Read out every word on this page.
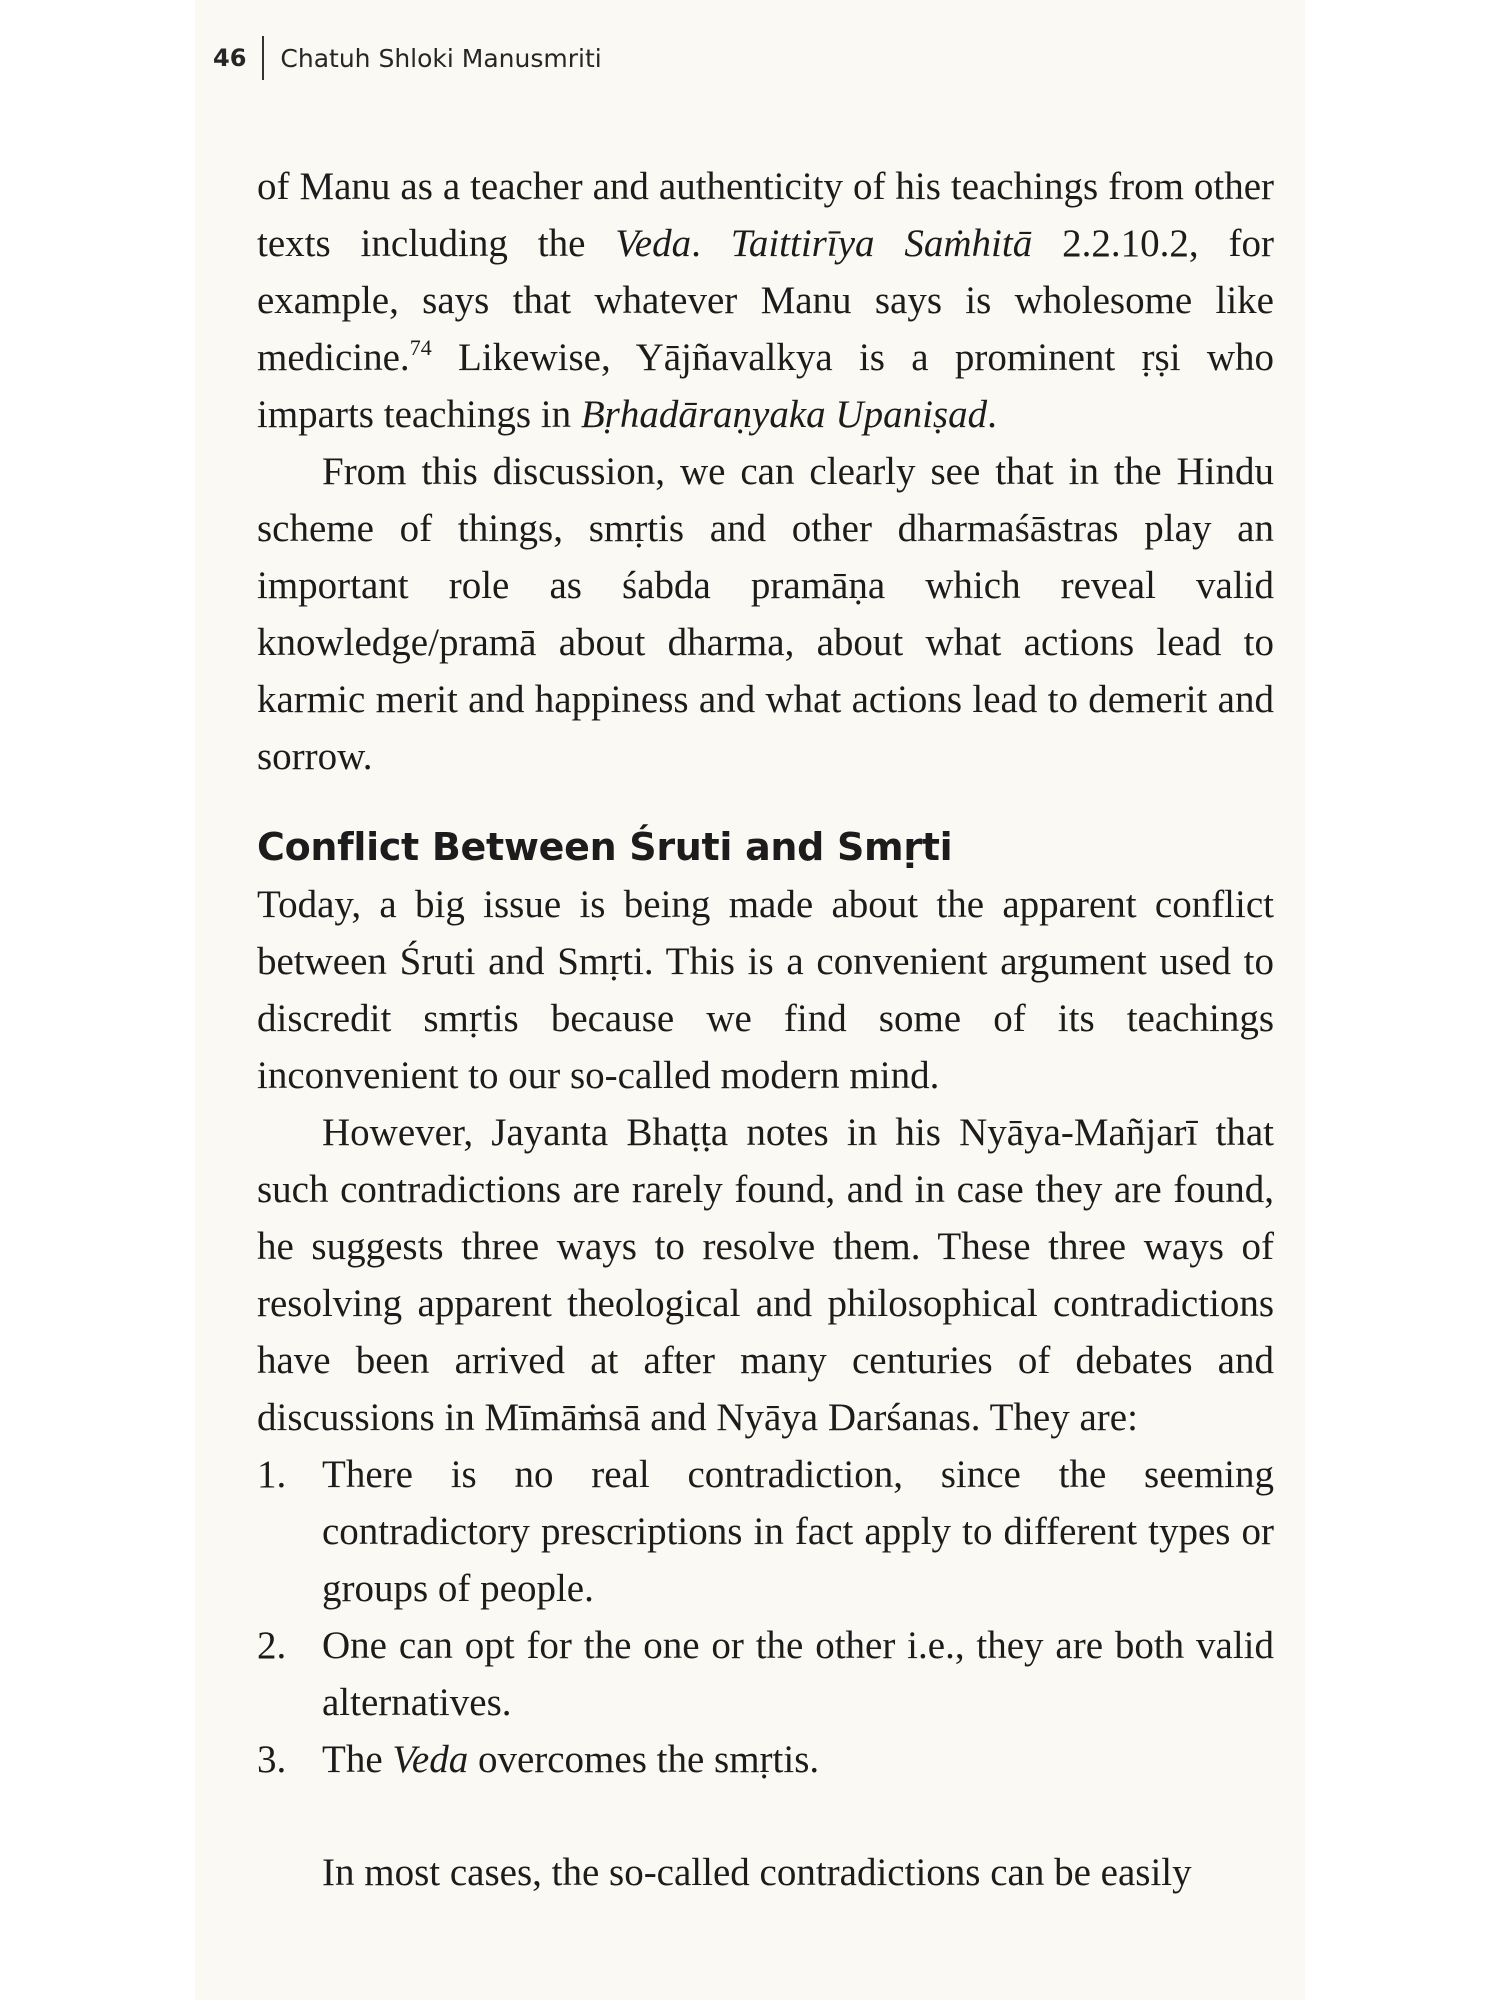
46 Chatuh Shloki Manusmriti

of Manu as a teacher and authenticity of his teachings from other texts including the Veda. Taittirīya Saṁhitā 2.2.10.2, for example, says that whatever Manu says is wholesome like medicine.$^{74}$ Likewise, Yājñavalkya is a prominent ṛṣi who imparts teachings in Bṛhadāraṇyaka Upaniṣad.

From this discussion, we can clearly see that in the Hindu scheme of things, smṛtis and other dharmaśāstras play an important role as śabda pramāṇa which reveal valid knowledge/pramā about dharma, about what actions lead to karmic merit and happiness and what actions lead to demerit and sorrow.

Conflict Between Śruti and Smṛti

Today, a big issue is being made about the apparent conflict between Śruti and Smṛti. This is a convenient argument used to discredit smṛtis because we find some of its teachings inconvenient to our so-called modern mind.

However, Jayanta Bhaṭṭa notes in his Nyāya-Mañjarī that such contradictions are rarely found, and in case they are found, he suggests three ways to resolve them. These three ways of resolving apparent theological and philosophical contradictions have been arrived at after many centuries of debates and discussions in Mīmāṁsā and Nyāya Darśanas. They are:

1. There is no real contradiction, since the seeming contradictory prescriptions in fact apply to different types or groups of people.
2. One can opt for the one or the other i.e., they are both valid alternatives.
3. The Veda overcomes the smṛtis.

In most cases, the so-called contradictions can be easily
